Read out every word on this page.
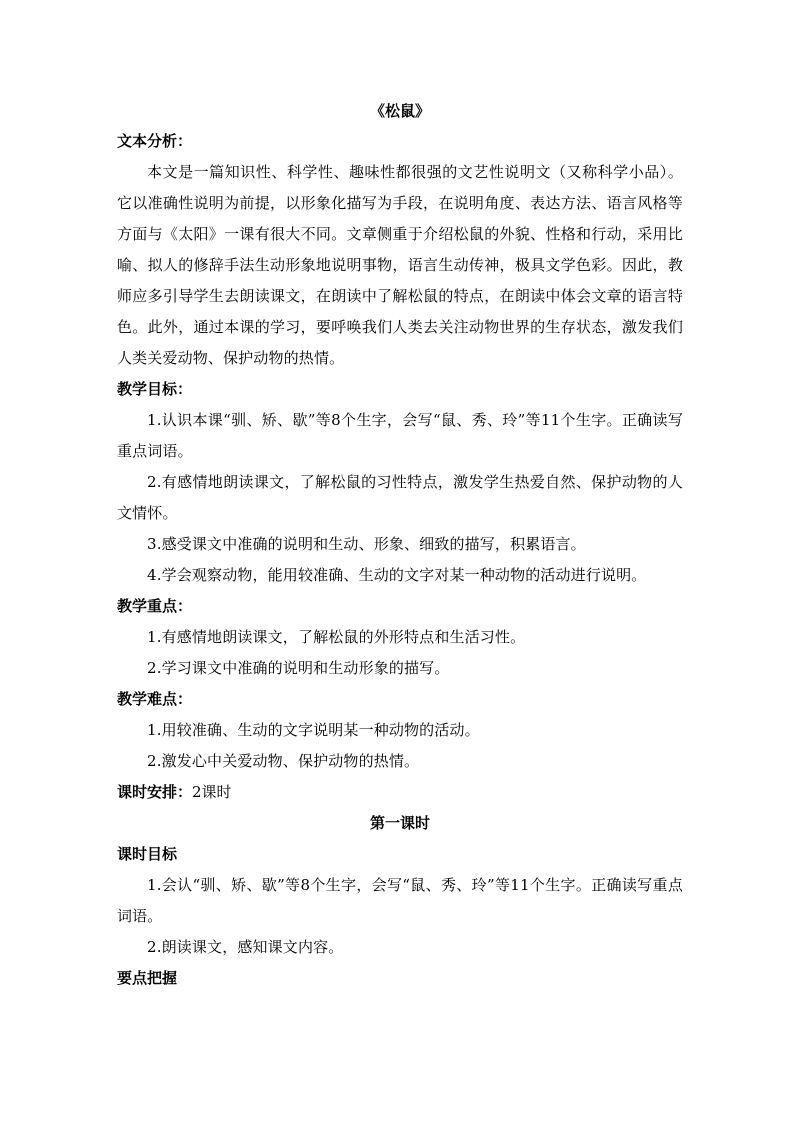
《松鼠》

文本分析：

本文是一篇知识性、科学性、趣味性都很强的文艺性说明文（又称科学小品）。它以准确性说明为前提，以形象化描写为手段，在说明角度、表达方法、语言风格等方面与《太阳》一课有很大不同。文章侧重于介绍松鼠的外貌、性格和行动，采用比喻、拟人的修辞手法生动形象地说明事物，语言生动传神，极具文学色彩。因此，教师应多引导学生去朗读课文，在朗读中了解松鼠的特点，在朗读中体会文章的语言特色。此外，通过本课的学习，要呼唤我们人类去关注动物世界的生存状态，激发我们人类关爱动物、保护动物的热情。

教学目标：

1.认识本课“驯、矫、歇”等8个生字，会写“鼠、秀、玲”等11个生字。正确读写重点词语。

2.有感情地朗读课文，了解松鼠的习性特点，激发学生热爱自然、保护动物的人文情怀。

3.感受课文中准确的说明和生动、形象、细致的描写，积累语言。

4.学会观察动物，能用较准确、生动的文字对某一种动物的活动进行说明。

教学重点：

1.有感情地朗读课文，了解松鼠的外形特点和生活习性。

2.学习课文中准确的说明和生动形象的描写。

教学难点：

1.用较准确、生动的文字说明某一种动物的活动。

2.激发心中关爱动物、保护动物的热情。

课时安排：2课时

第一课时

课时目标

1.会认“驯、矫、歇”等8个生字，会写“鼠、秀、玲”等11个生字。正确读写重点词语。

2.朗读课文，感知课文内容。

要点把握
